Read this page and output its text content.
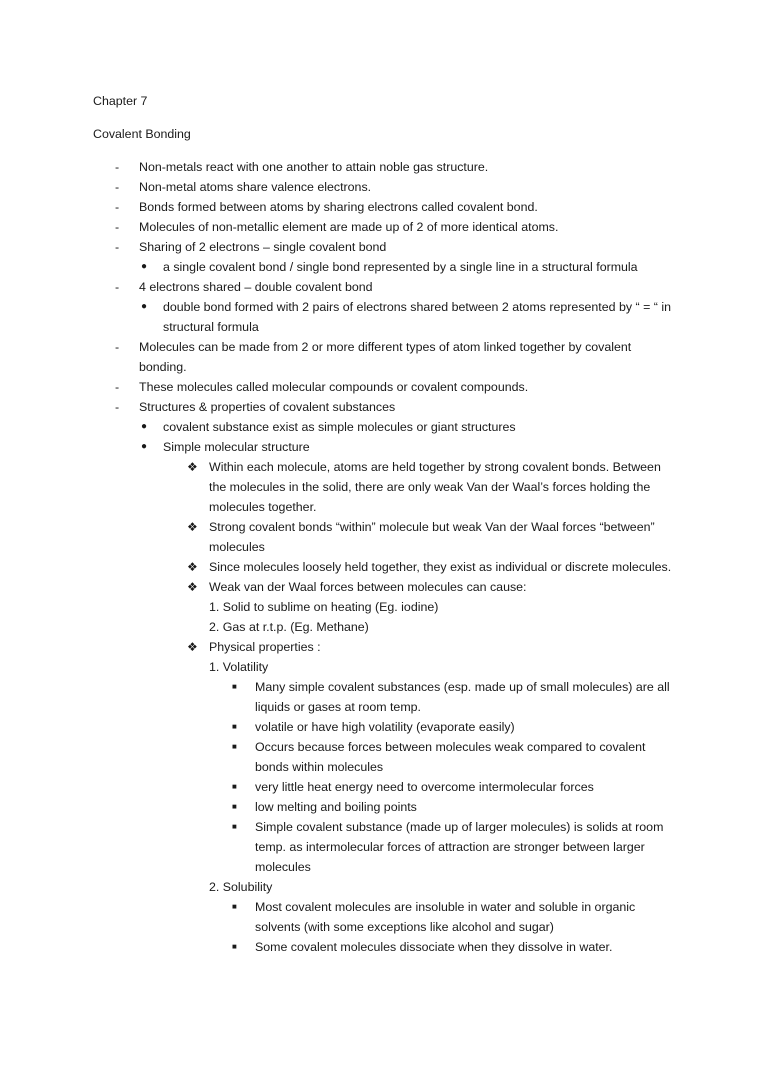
Chapter 7
Covalent Bonding
-	Non-metals react with one another to attain noble gas structure.
-	Non-metal atoms share valence electrons.
-	Bonds formed between atoms by sharing electrons called covalent bond.
-	Molecules of non-metallic element are made up of 2 of more identical atoms.
-	Sharing of 2 electrons – single covalent bond
●	a single covalent bond / single bond represented by a single line in a structural formula
-	4 electrons shared – double covalent bond
●	double bond formed with 2 pairs of electrons shared between 2 atoms represented by “ = “ in structural formula
-	Molecules can be made from 2 or more different types of atom linked together by covalent bonding.
-	These molecules called molecular compounds or covalent compounds.
-	Structures & properties of covalent substances
●	covalent substance exist as simple molecules or giant structures
●	Simple molecular structure
❖ Within each molecule, atoms are held together by strong covalent bonds. Between the molecules in the solid, there are only weak Van der Waal’s forces holding the molecules together.
❖ Strong covalent bonds “within” molecule but weak Van der Waal forces “between” molecules
❖ Since molecules loosely held together, they exist as individual or discrete molecules.
❖ Weak van der Waal forces between molecules can cause:
1. Solid to sublime on heating (Eg. iodine)
2. Gas at r.t.p. (Eg. Methane)
❖ Physical properties :
1. Volatility
■	Many simple covalent substances (esp. made up of small molecules) are all liquids or gases at room temp.
■	volatile or have high volatility (evaporate easily)
■	Occurs because forces between molecules weak compared to covalent bonds within molecules
■	very little heat energy need to overcome intermolecular forces
■	low melting and boiling points
■	Simple covalent substance (made up of larger molecules) is solids at room temp. as intermolecular forces of attraction are stronger between larger molecules
2. Solubility
■	Most covalent molecules are insoluble in water and soluble in organic solvents (with some exceptions like alcohol and sugar)
■	Some covalent molecules dissociate when they dissolve in water.
